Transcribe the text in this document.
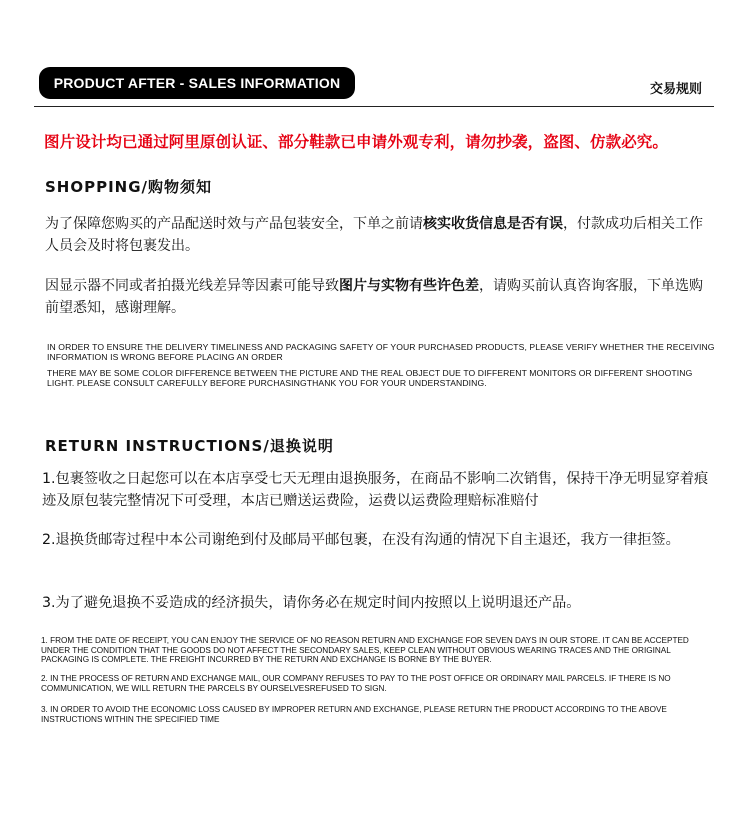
PRODUCT AFTER - SALES INFORMATION	交易规则
图片设计均已通过阿里原创认证、部分鞋款已申请外观专利，请勿抄袭，盗图、仿款必究。
SHOPPING/购物须知
为了保障您购买的产品配送时效与产品包装安全，下单之前请核实收货信息是否有误，付款成功后相关工作人员会及时将包裹发出。
因显示器不同或者拍摄光线差异等因素可能导致图片与实物有些许色差，请购买前认真咨询客服，下单选购前望悉知，感谢理解。
IN ORDER TO ENSURE THE DELIVERY TIMELINESS AND PACKAGING SAFETY OF YOUR PURCHASED PRODUCTS, PLEASE VERIFY WHETHER THE RECEIVING INFORMATION IS WRONG BEFORE PLACING AN ORDER
THERE MAY BE SOME COLOR DIFFERENCE BETWEEN THE PICTURE AND THE REAL OBJECT DUE TO DIFFERENT MONITORS OR DIFFERENT SHOOTING LIGHT. PLEASE CONSULT CAREFULLY BEFORE PURCHASINGTHANK YOU FOR YOUR UNDERSTANDING.
RETURN INSTRUCTIONS/退换说明
1.包裹签收之日起您可以在本店享受七天无理由退换服务，在商品不影响二次销售，保持干净无明显穿着痕迹及原包装完整情况下可受理，本店已赠送运费险，运费以运费险理赔标准赔付
2.退换货邮寄过程中本公司谢绝到付及邮局平邮包裹，在没有沟通的情况下自主退还，我方一律拒签。
3.为了避免退换不妥造成的经济损失，请你务必在规定时间内按照以上说明退还产品。
1. FROM THE DATE OF RECEIPT, YOU CAN ENJOY THE SERVICE OF NO REASON RETURN AND EXCHANGE FOR SEVEN DAYS IN OUR STORE. IT CAN BE ACCEPTED UNDER THE CONDITION THAT THE GOODS DO NOT AFFECT THE SECONDARY SALES, KEEP CLEAN WITHOUT OBVIOUS WEARING TRACES AND THE ORIGINAL PACKAGING IS COMPLETE. THE FREIGHT INCURRED BY THE RETURN AND EXCHANGE IS BORNE BY THE BUYER.
2. IN THE PROCESS OF RETURN AND EXCHANGE MAIL, OUR COMPANY REFUSES TO PAY TO THE POST OFFICE OR ORDINARY MAIL PARCELS. IF THERE IS NO COMMUNICATION, WE WILL RETURN THE PARCELS BY OURSELVESREFUSED TO SIGN.
3. IN ORDER TO AVOID THE ECONOMIC LOSS CAUSED BY IMPROPER RETURN AND EXCHANGE, PLEASE RETURN THE PRODUCT ACCORDING TO THE ABOVE INSTRUCTIONS WITHIN THE SPECIFIED TIME
